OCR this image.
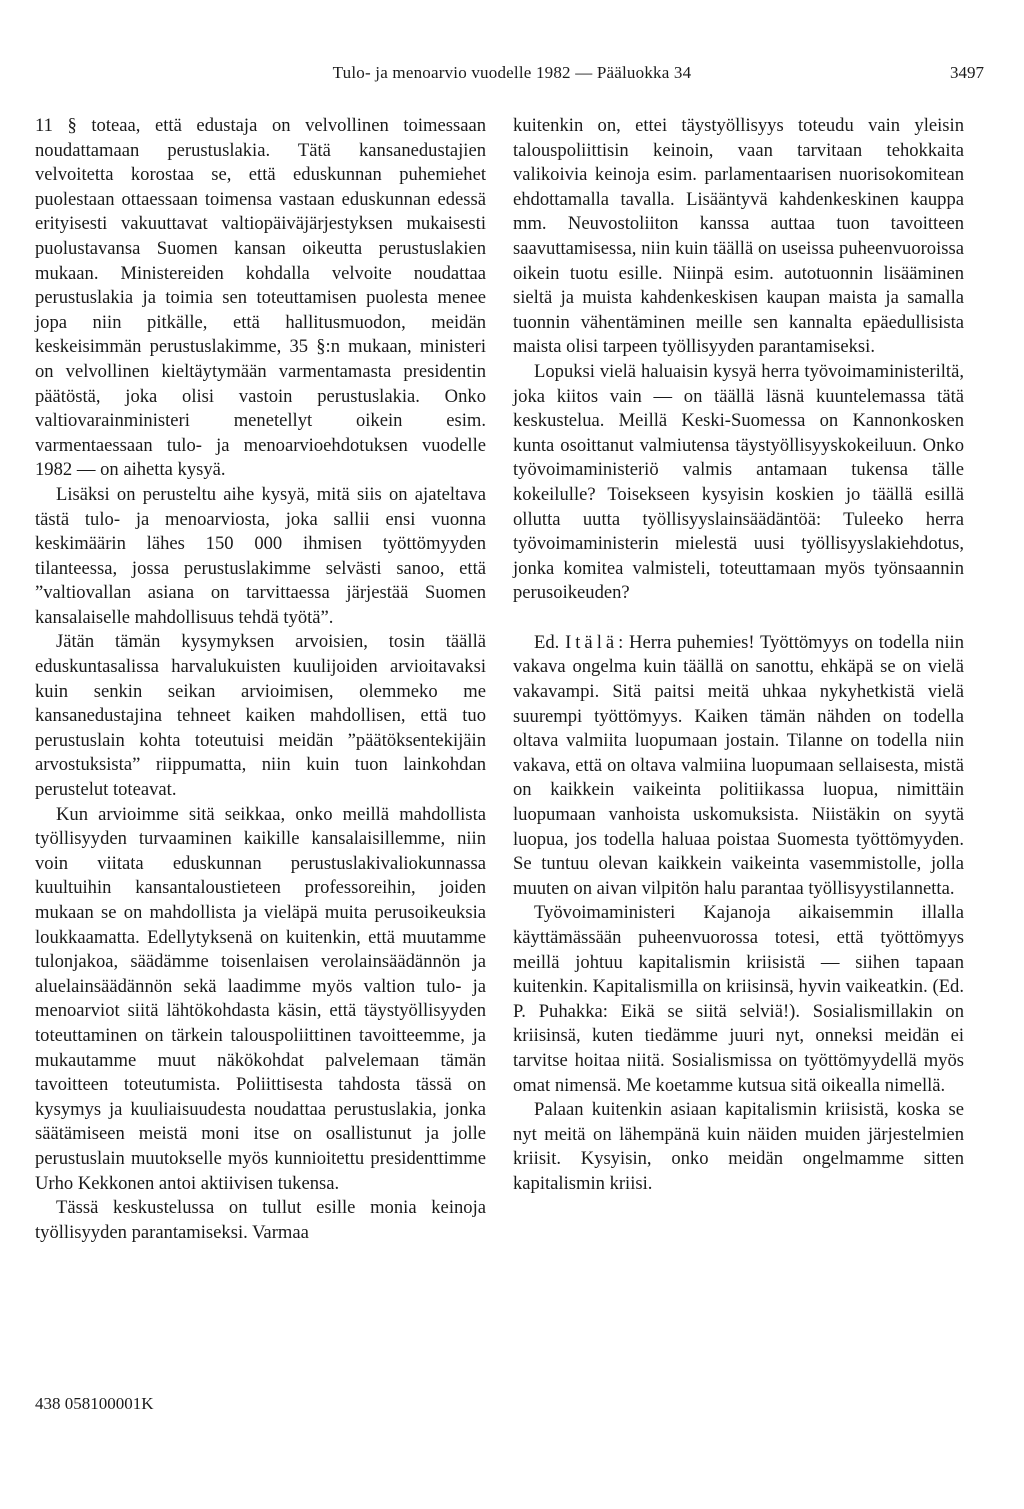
Tulo- ja menoarvio vuodelle 1982 — Pääluokka 34	3497

11 § toteaa, että edustaja on velvollinen toimessaan noudattamaan perustuslakia. Tätä kansanedustajien velvoitetta korostaa se, että eduskunnan puhemiehet puolestaan ottaessaan toimensa vastaan eduskunnan edessä erityisesti vakuuttavat valtiopäiväjärjestyksen mukaisesti puolustavansa Suomen kansan oikeutta perustuslakien mukaan. Ministereiden kohdalla velvoite noudattaa perustuslakia ja toimia sen toteuttamisen puolesta menee jopa niin pitkälle, että hallitusmuodon, meidän keskeisimmän perustuslakimme, 35 §:n mukaan, ministeri on velvollinen kieltäytymään varmentamasta presidentin päätöstä, joka olisi vastoin perustuslakia. Onko valtiovarainministeri menetellyt oikein esim. varmentaessaan tulo- ja menoarvioehdotuksen vuodelle 1982 — on aihetta kysyä.

Lisäksi on perusteltu aihe kysyä, mitä siis on ajateltava tästä tulo- ja menoarviosta, joka sallii ensi vuonna keskimäärin lähes 150 000 ihmisen työttömyyden tilanteessa, jossa perustuslakimme selvästi sanoo, että ”valtiovallan asiana on tarvittaessa järjestää Suomen kansalaiselle mahdollisuus tehdä työtä”.

Jätän tämän kysymyksen arvoisien, tosin täällä eduskuntasalissa harvalukuisten kuulijoiden arvioitavaksi kuin senkin seikan arvioimisen, olemmeko me kansanedustajina tehneet kaiken mahdollisen, että tuo perustuslain kohta toteutuisi meidän ”päätöksentekijäin arvostuksista” riippumatta, niin kuin tuon lainkohdan perustelut toteavat.

Kun arvioimme sitä seikkaa, onko meillä mahdollista työllisyyden turvaaminen kaikille kansalaisillemme, niin voin viitata eduskunnan perustuslakivaliokunnassa kuultuihin kansantaloustieteen professoreihin, joiden mukaan se on mahdollista ja vieläpä muita perusoikeuksia loukkaamatta. Edellytyksenä on kuitenkin, että muutamme tulonjakoa, säädämme toisenlaisen verolainsäädännön ja aluelainsäädännön sekä laadimme myös valtion tulo- ja menoarviot siitä lähtökohdasta käsin, että täystyöllisyyden toteuttaminen on tärkein talouspoliittinen tavoitteemme, ja mukautamme muut näkökohdat palvelemaan tämän tavoitteen toteutumista. Poliittisesta tahdosta tässä on kysymys ja kuuliaisuudesta noudattaa perustuslakia, jonka säätämiseen meistä moni itse on osallistunut ja jolle perustuslain muutokselle myös kunnioitettu presidenttimme Urho Kekkonen antoi aktiivisen tukensa.

Tässä keskustelussa on tullut esille monia keinoja työllisyyden parantamiseksi. Varmaa

kuitenkin on, ettei täystyöllisyys toteudu vain yleisin talouspoliittisin keinoin, vaan tarvitaan tehokkaita valikoivia keinoja esim. parlamentaarisen nuorisokomitean ehdottamalla tavalla. Lisääntyvä kahdenkeskinen kauppa mm. Neuvostoliiton kanssa auttaa tuon tavoitteen saavuttamisessa, niin kuin täällä on useissa puheenvuoroissa oikein tuotu esille. Niinpä esim. autotuonnin lisääminen sieltä ja muista kahdenkeskisen kaupan maista ja samalla tuonnin vähentäminen meille sen kannalta epäedullisista maista olisi tarpeen työllisyyden parantamiseksi.

Lopuksi vielä haluaisin kysyä herra työvoimaministeriltä, joka kiitos vain — on täällä läsnä kuuntelemassa tätä keskustelua. Meillä Keski-Suomessa on Kannonkosken kunta osoittanut valmiutensa täystyöllisyyskokeiluun. Onko työvoimaministeriö valmis antamaan tukensa tälle kokeilulle? Toisekseen kysyisin koskien jo täällä esillä ollutta uutta työllisyyslainsäädäntöä: Tuleeko herra työvoimaministerin mielestä uusi työllisyyslakiehdotus, jonka komitea valmisteli, toteuttamaan myös työnsaannin perusoikeuden?

Ed. Itälä: Herra puhemies! Työttömyys on todella niin vakava ongelma kuin täällä on sanottu, ehkäpä se on vielä vakavampi. Sitä paitsi meitä uhkaa nykyhetkistä vielä suurempi työttömyys. Kaiken tämän nähden on todella oltava valmiita luopumaan jostain. Tilanne on todella niin vakava, että on oltava valmiina luopumaan sellaisesta, mistä on kaikkein vaikeinta politiikassa luopua, nimittäin luopumaan vanhoista uskomuksista. Niistäkin on syytä luopua, jos todella haluaa poistaa Suomesta työttömyyden. Se tuntuu olevan kaikkein vaikeinta vasemmistolle, jolla muuten on aivan vilpitön halu parantaa työllisyystilannetta.

Työvoimaministeri Kajanoja aikaisemmin illalla käyttämässään puheenvuorossa totesi, että työttömyys meillä johtuu kapitalismin kriisistä — siihen tapaan kuitenkin. Kapitalismilla on kriisinsä, hyvin vaikeatkin. (Ed. P. Puhakka: Eikä se siitä selviä!). Sosialismillakin on kriisinsä, kuten tiedämme juuri nyt, onneksi meidän ei tarvitse hoitaa niitä. Sosialismissa on työttömyydellä myös omat nimensä. Me koetamme kutsua sitä oikealla nimellä.

Palaan kuitenkin asiaan kapitalismin kriisistä, koska se nyt meitä on lähempänä kuin näiden muiden järjestelmien kriisit. Kysyisin, onko meidän ongelmamme sitten kapitalismin kriisi.

438 058100001K
